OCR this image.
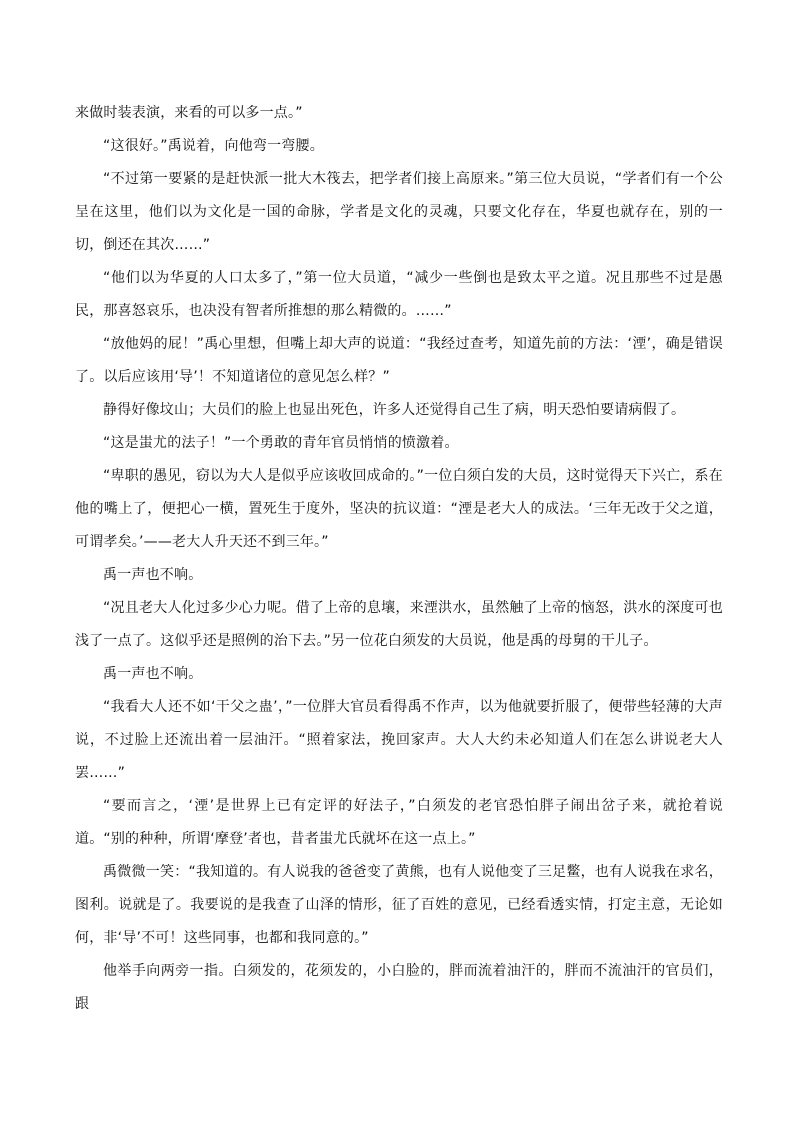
来做时装表演，来看的可以多一点。”

“这很好。”禹说着，向他弯一弯腰。

“不过第一要紧的是赶快派一批大木筏去，把学者们接上高原来。”第三位大员说，“学者们有一个公呈在这里，他们以为文化是一国的命脉，学者是文化的灵魂，只要文化存在，华夏也就存在，别的一切，倒还在其次……”

“他们以为华夏的人口太多了，”第一位大员道，“减少一些倒也是致太平之道。况且那些不过是愚民，那喜怒哀乐，也决没有智者所推想的那么精微的。……”

“放他妈的屁！”禹心里想，但嘴上却大声的说道：“我经过查考，知道先前的方法：‘湮’，确是错误了。以后应该用‘导’！不知道诸位的意见怎么样？”

静得好像坟山；大员们的脸上也显出死色，许多人还觉得自己生了病，明天恐怕要请病假了。

“这是蚩尤的法子！”一个勇敢的青年官员悄悄的愤激着。

“卑职的愚见，窃以为大人是似乎应该收回成命的。”一位白须白发的大员，这时觉得天下兴亡，系在他的嘴上了，便把心一横，置死生于度外，坚决的抗议道：“湮是老大人的成法。‘三年无改于父之道，可谓孝矣。’——老大人升天还不到三年。”

禹一声也不响。

“况且老大人化过多少心力呢。借了上帝的息壤，来湮洪水，虽然触了上帝的恼怒，洪水的深度可也浅了一点了。这似乎还是照例的治下去。”另一位花白须发的大员说，他是禹的母舅的干儿子。

禹一声也不响。

“我看大人还不如‘干父之蛊’，”一位胖大官员看得禹不作声，以为他就要折服了，便带些轻薄的大声说，不过脸上还流出着一层油汗。“照着家法，挽回家声。大人大约未必知道人们在怎么讲说老大人罢……”

“要而言之，‘湮’是世界上已有定评的好法子，”白须发的老官恐怕胖子闹出岔子来，就抢着说道。“别的种种，所谓‘摩登’者也，昔者蚩尤氏就坏在这一点上。”

禹微微一笑：“我知道的。有人说我的爸爸变了黄熊，也有人说他变了三足鳖，也有人说我在求名，图利。说就是了。我要说的是我查了山泽的情形，征了百姓的意见，已经看透实情，打定主意，无论如何，非‘导’不可！这些同事，也都和我同意的。”

他举手向两旁一指。白须发的，花须发的，小白脸的，胖而流着油汗的，胖而不流油汗的官员们，跟
